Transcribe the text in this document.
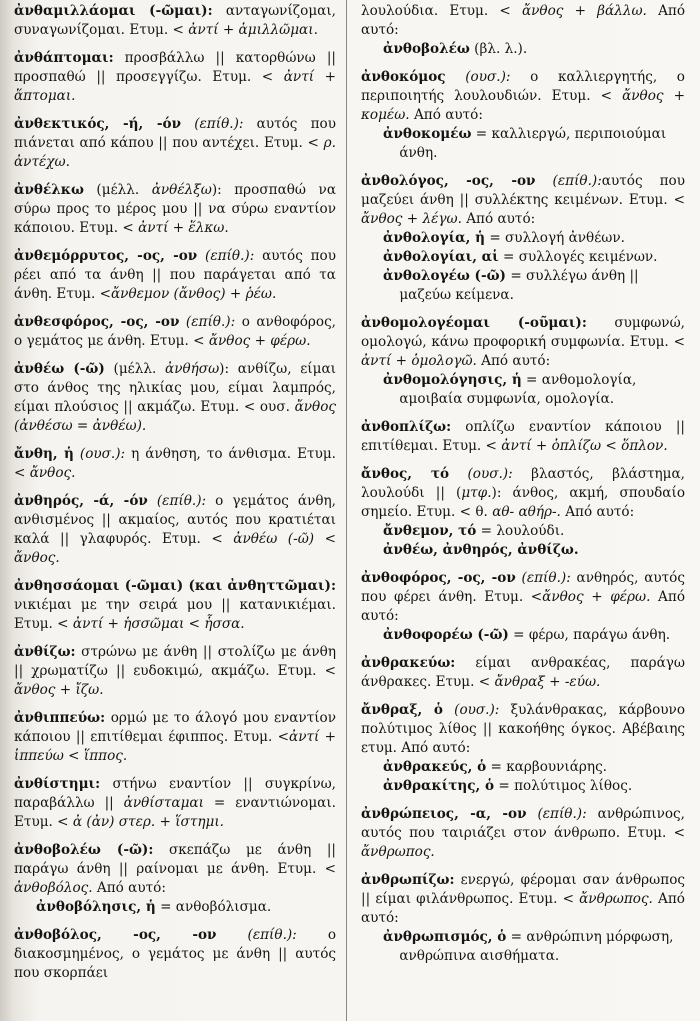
ἀνθαμιλλάομαι (-ῶμαι): ανταγωνίζομαι, συναγωνίζομαι. Ετυμ. < ἀντί + ἁμιλλῶμαι.

ἀνθάπτομαι: προσβάλλω || κατορθώνω || προσπαθώ || προσεγγίζω. Ετυμ. < ἀντί + ἅπτομαι.

ἀνθεκτικός, -ή, -όν (επίθ.): αυτός που πιάνεται από κάπου || που αντέχει. Ετυμ. < ρ. ἀντέχω.

ἀνθέλκω (μέλλ. ἀνθέλξω): προσπαθώ να σύρω προς το μέρος μου || να σύρω εναντίον κάποιου. Ετυμ. < ἀντί + ἕλκω.

ἀνθεμόρρυτος, -ος, -ον (επίθ.): αυτός που ρέει από τα άνθη || που παράγεται από τα άνθη. Ετυμ. <ἄνθεμον (ἄνθος) + ῥέω.

ἀνθεσφόρος, -ος, -ον (επίθ.): ο ανθοφόρος, ο γεμάτος με άνθη. Ετυμ. < ἄνθος + φέρω.

ἀνθέω (-ῶ) (μέλλ. ἀνθήσω): ανθίζω, είμαι στο άνθος της ηλικίας μου, είμαι λαμπρός, είμαι πλούσιος || ακμάζω. Ετυμ. < ουσ. ἄνθος (ἀνθέσω = ἀνθέω).

ἄνθη, ἡ (ουσ.): η άνθηση, το άνθισμα. Ετυμ. < ἄνθος.

ἀνθηρός, -ά, -όν (επίθ.): ο γεμάτος άνθη, ανθισμένος || ακμαίος, αυτός που κρατιέται καλά || γλαφυρός. Ετυμ. < ἀνθέω (-ῶ) < ἄνθος.

ἀνθησσάομαι (-ῶμαι) (και ἀνθηττῶμαι): νικιέμαι με την σειρά μου || κατανικιέμαι. Ετυμ. < ἀντί + ἡσσῶμαι < ἧσσα.

ἀνθίζω: στρώνω με άνθη || στολίζω με άνθη || χρωματίζω || ευδοκιμώ, ακμάζω. Ετυμ. < ἄνθος + ἴζω.

ἀνθιππεύω: ορμώ με το άλογό μου εναντίον κάποιου || επιτίθεμαι έφιππος. Ετυμ. <ἀντί + ἱππεύω < ἵππος.

ἀνθίστημι: στήνω εναντίον || συγκρίνω, παραβάλλω || ἀνθίσταμαι = εναντιώνομαι. Ετυμ. < ἀ (ἀν) στερ. + ἵστημι.

ἀνθοβολέω (-ῶ): σκεπάζω με άνθη || παράγω άνθη || ραίνομαι με άνθη. Ετυμ. < ἀνθοβόλος. Από αυτό:
ἀνθοβόλησις, ἡ = ανθοβόλισμα.

ἀνθοβόλος, -ος, -ον (επίθ.): ο διακοσμημένος, ο γεμάτος με άνθη || αυτός που σκορπάει

λουλούδια. Ετυμ. < ἄνθος + βάλλω. Από αυτό:
ἀνθοβολέω (βλ. λ.).

ἀνθοκόμος (ουσ.): ο καλλιεργητής, ο περιποιητής λουλουδιών. Ετυμ. < ἄνθος + κομέω. Από αυτό:
ἀνθοκομέω = καλλιεργώ, περιποιούμαι άνθη.

ἀνθολόγος, -ος, -ον (επίθ.):αυτός που μαζεύει άνθη || συλλέκτης κειμένων. Ετυμ. < ἄνθος + λέγω. Από αυτό:
ἀνθολογία, ἡ = συλλογή ἀνθέων.
ἀνθολογίαι, αἱ = συλλογές κειμένων.
ἀνθολογέω (-ῶ) = συλλέγω άνθη || μαζεύω κείμενα.

ἀνθομολογέομαι (-οῦμαι): συμφωνώ, ομολογώ, κάνω προφορική συμφωνία. Ετυμ. < ἀντί + ὁμολογῶ. Από αυτό:
ἀνθομολόγησις, ἡ = ανθομολογία, αμοιβαία συμφωνία, ομολογία.

ἀνθοπλίζω: οπλίζω εναντίον κάποιου || επιτίθεμαι. Ετυμ. < ἀντί + ὁπλίζω < ὅπλον.

ἄνθος, τό (ουσ.): βλαστός, βλάστημα, λουλούδι || (μτφ.): άνθος, ακμή, σπουδαίο σημείο. Ετυμ. < θ. αθ- αθήρ-. Από αυτό:
ἄνθεμον, τό = λουλούδι.
ἀνθέω, ἀνθηρός, ἀνθίζω.

ἀνθοφόρος, -ος, -ον (επίθ.): ανθηρός, αυτός που φέρει άνθη. Ετυμ. <ἄνθος + φέρω. Από αυτό:
ἀνθοφορέω (-ῶ) = φέρω, παράγω άνθη.

ἀνθρακεύω: είμαι ανθρακέας, παράγω άνθρακες. Ετυμ. < ἄνθραξ + -εύω.

ἄνθραξ, ὁ (ουσ.): ξυλάνθρακας, κάρβουνο πολύτιμος λίθος || κακοήθης όγκος. Αβέβαιης ετυμ. Από αυτό:
ἀνθρακεύς, ὁ = καρβουνιάρης.
ἀνθρακίτης, ὁ = πολύτιμος λίθος.

ἀνθρώπειος, -α, -ον (επίθ.): ανθρώπινος, αυτός που ταιριάζει στον άνθρωπο. Ετυμ. < ἄνθρωπος.

ἀνθρωπίζω: ενεργώ, φέρομαι σαν άνθρωπος || είμαι φιλάνθρωπος. Ετυμ. < ἄνθρωπος. Από αυτό:
ἀνθρωπισμός, ὁ = ανθρώπινη μόρφωση, ανθρώπινα αισθήματα.
